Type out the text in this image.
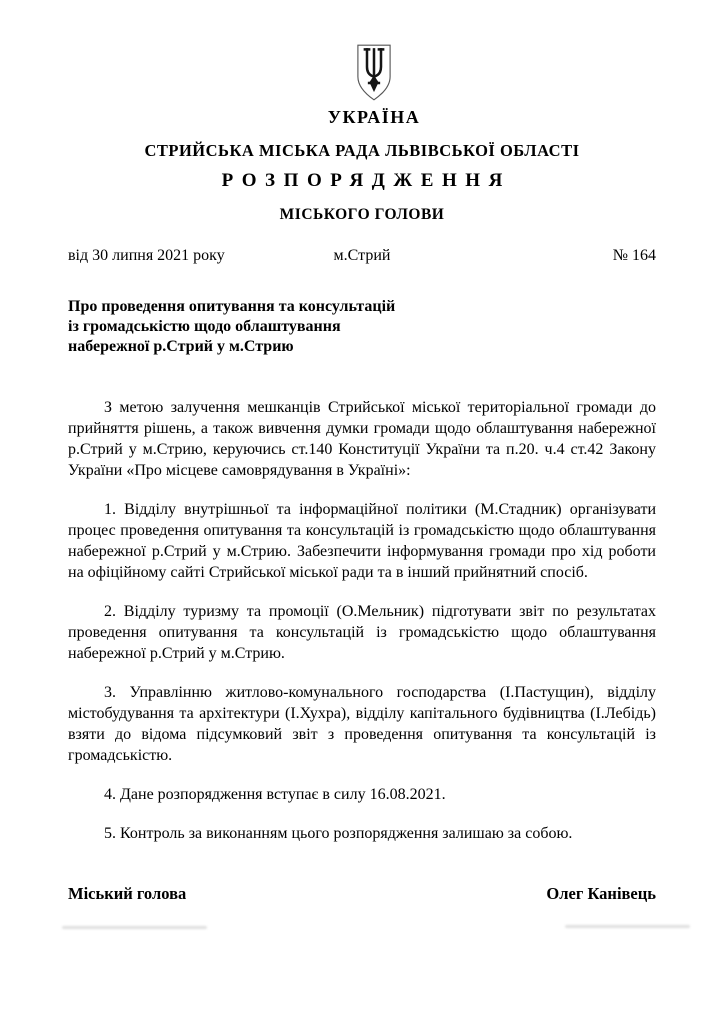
УКРАЇНА
СТРИЙСЬКА МІСЬКА РАДА ЛЬВІВСЬКОЇ ОБЛАСТІ
РОЗПОРЯДЖЕННЯ
МІСЬКОГО ГОЛОВИ
від 30 липня 2021 року	м.Стрий	№ 164
Про проведення опитування та консультацій
із громадськістю щодо облаштування
набережної р.Стрий у м.Стрию

З метою залучення мешканців Стрийської міської територіальної громади до прийняття рішень, а також вивчення думки громади щодо облаштування набережної р.Стрий у м.Стрию, керуючись ст.140 Конституції України та п.20. ч.4 ст.42 Закону України «Про місцеве самоврядування в Україні»:

1. Відділу внутрішньої та інформаційної політики (М.Стадник) організувати процес проведення опитування та консультацій із громадськістю щодо облаштування набережної р.Стрий у м.Стрию. Забезпечити інформування громади про хід роботи на офіційному сайті Стрийської міської ради та в інший прийнятний спосіб.

2. Відділу туризму та промоції (О.Мельник) підготувати звіт по результатах проведення опитування та консультацій із громадськістю щодо облаштування набережної р.Стрий у м.Стрию.

3. Управлінню житлово-комунального господарства (І.Пастущин), відділу містобудування та архітектури (І.Хухра), відділу капітального будівництва (І.Лебідь) взяти до відома підсумковий звіт з проведення опитування та консультацій із громадськістю.

4. Дане розпорядження вступає в силу 16.08.2021.

5. Контроль за виконанням цього розпорядження залишаю за собою.

Міський голова	Олег Канівець
